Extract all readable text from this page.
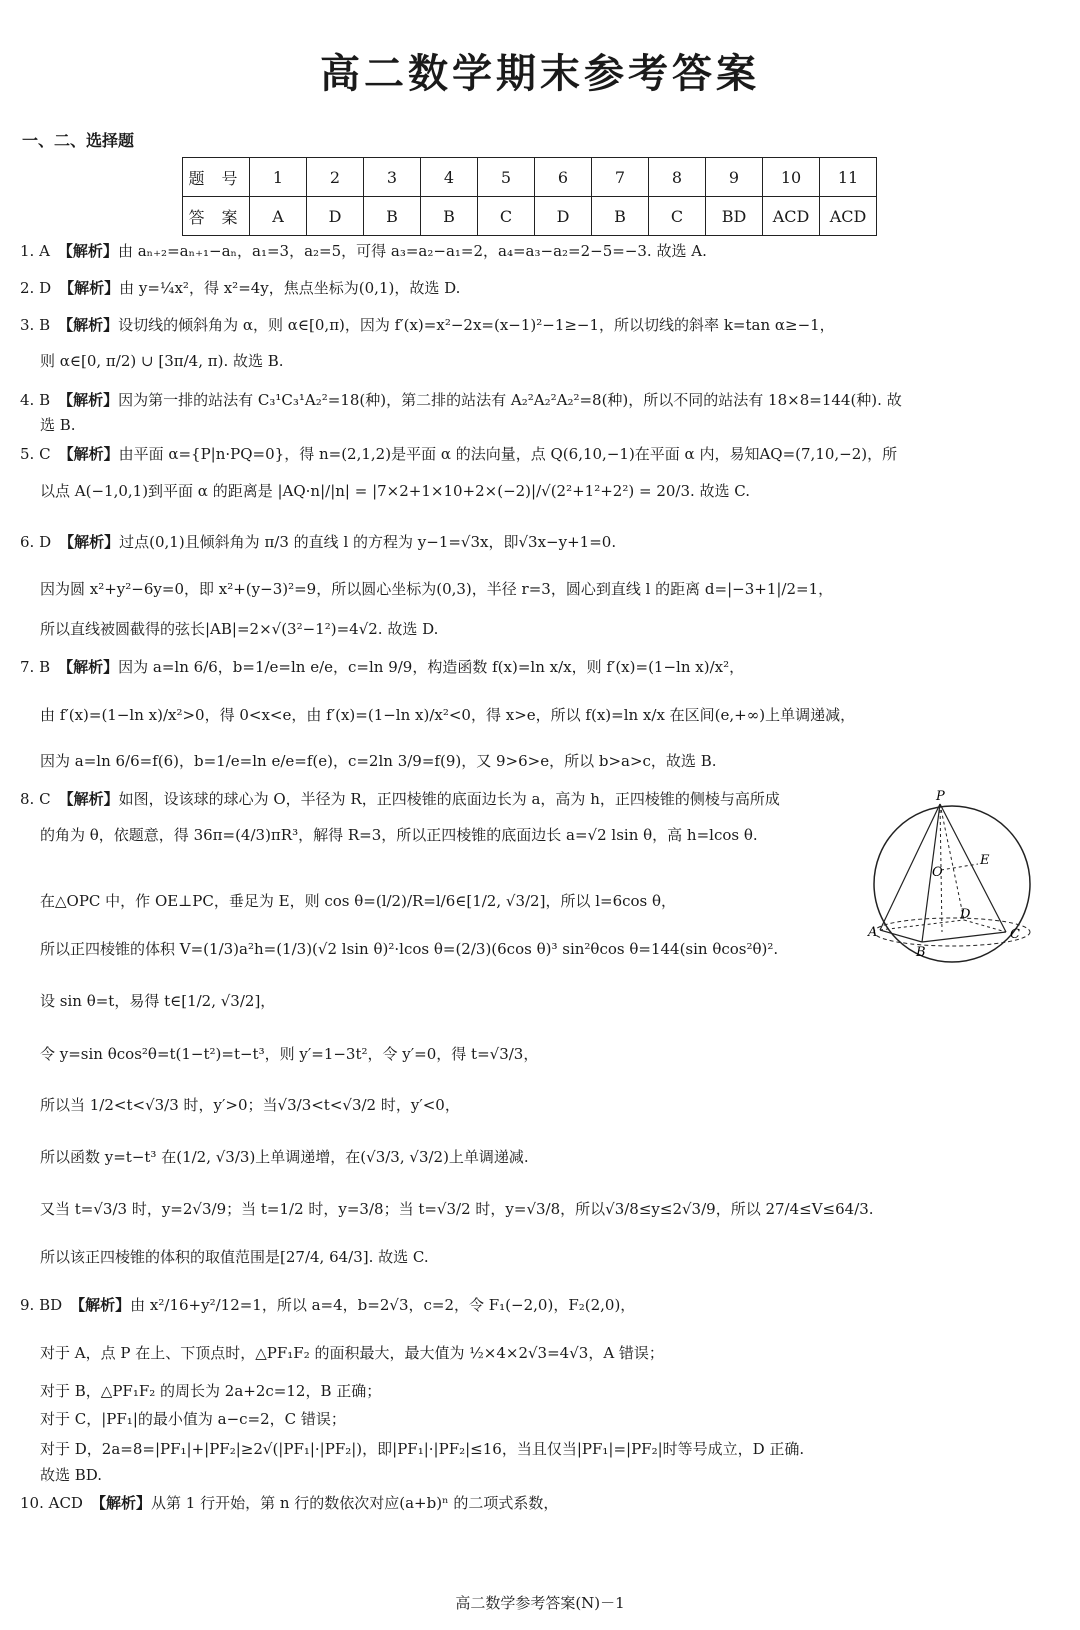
高二数学期末参考答案
一、二、选择题
题 号	1	2	3	4	5	6	7	8	9	10	11
答 案	A	D	B	B	C	D	B	C	BD	ACD	ACD
1. A 【解析】由 aₙ₊₂=aₙ₊₁−aₙ，a₁=3，a₂=5，可得 a₃=a₂−a₁=2，a₄=a₃−a₂=2−5=−3. 故选 A.
2. D 【解析】由 y=¼x²，得 x²=4y，焦点坐标为(0,1)，故选 D.
3. B 【解析】设切线的倾斜角为 α，则 α∈[0,π)，因为 f′(x)=x²−2x=(x−1)²−1≥−1，所以切线的斜率 k=tan α≥−1，
则 α∈[0, π/2) ∪ [3π/4, π). 故选 B.
4. B 【解析】因为第一排的站法有 C₃¹C₃¹A₂²=18(种)，第二排的站法有 A₂²A₂²A₂²=8(种)，所以不同的站法有 18×8=144(种). 故
选 B.
5. C 【解析】由平面 α={P|n·PQ=0}，得 n=(2,1,2)是平面 α 的法向量，点 Q(6,10,−1)在平面 α 内，易知AQ=(7,10,−2)，所
以点 A(−1,0,1)到平面 α 的距离是 |AQ·n|/|n| = |7×2+1×10+2×(−2)|/√(2²+1²+2²) = 20/3. 故选 C.
6. D 【解析】过点(0,1)且倾斜角为 π/3 的直线 l 的方程为 y−1=√3x，即√3x−y+1=0.
因为圆 x²+y²−6y=0，即 x²+(y−3)²=9，所以圆心坐标为(0,3)，半径 r=3，圆心到直线 l 的距离 d=|−3+1|/2=1，
所以直线被圆截得的弦长|AB|=2×√(3²−1²)=4√2. 故选 D.
7. B 【解析】因为 a=ln 6/6，b=1/e=ln e/e，c=ln 9/9，构造函数 f(x)=ln x/x，则 f′(x)=(1−ln x)/x²，
由 f′(x)=(1−ln x)/x²>0，得 0<x<e，由 f′(x)=(1−ln x)/x²<0，得 x>e，所以 f(x)=ln x/x 在区间(e,+∞)上单调递减，
因为 a=ln 6/6=f(6)，b=1/e=ln e/e=f(e)，c=2ln 3/9=f(9)，又 9>6>e，所以 b>a>c，故选 B.
8. C 【解析】如图，设该球的球心为 O，半径为 R，正四棱锥的底面边长为 a，高为 h，正四棱锥的侧棱与高所成
的角为 θ，依题意，得 36π=(4/3)πR³，解得 R=3，所以正四棱锥的底面边长 a=√2 lsin θ，高 h=lcos θ.
在△OPC 中，作 OE⊥PC，垂足为 E，则 cos θ=(l/2)/R=l/6∈[1/2, √3/2]，所以 l=6cos θ，
所以正四棱锥的体积 V=(1/3)a²h=(1/3)(√2 lsin θ)²·lcos θ=(2/3)(6cos θ)³ sin²θcos θ=144(sin θcos²θ)².
设 sin θ=t，易得 t∈[1/2, √3/2]，
令 y=sin θcos²θ=t(1−t²)=t−t³，则 y′=1−3t²，令 y′=0，得 t=√3/3，
所以当 1/2<t<√3/3 时，y′>0；当√3/3<t<√3/2 时，y′<0，
所以函数 y=t−t³ 在(1/2, √3/3)上单调递增，在(√3/3, √3/2)上单调递减.
又当 t=√3/3 时，y=2√3/9；当 t=1/2 时，y=3/8；当 t=√3/2 时，y=√3/8，所以√3/8≤y≤2√3/9，所以 27/4≤V≤64/3.
所以该正四棱锥的体积的取值范围是[27/4, 64/3]. 故选 C.
9. BD 【解析】由 x²/16+y²/12=1，所以 a=4，b=2√3，c=2，令 F₁(−2,0)，F₂(2,0)，
对于 A，点 P 在上、下顶点时，△PF₁F₂ 的面积最大，最大值为 ½×4×2√3=4√3，A 错误；
对于 B，△PF₁F₂ 的周长为 2a+2c=12，B 正确；
对于 C，|PF₁|的最小值为 a−c=2，C 错误；
对于 D，2a=8=|PF₁|+|PF₂|≥2√(|PF₁|·|PF₂|)，即|PF₁|·|PF₂|≤16，当且仅当|PF₁|=|PF₂|时等号成立，D 正确.
故选 BD.
10. ACD 【解析】从第 1 行开始，第 n 行的数依次对应(a+b)ⁿ 的二项式系数，
P
O
E
D
A
B
C
高二数学参考答案(N)－1
